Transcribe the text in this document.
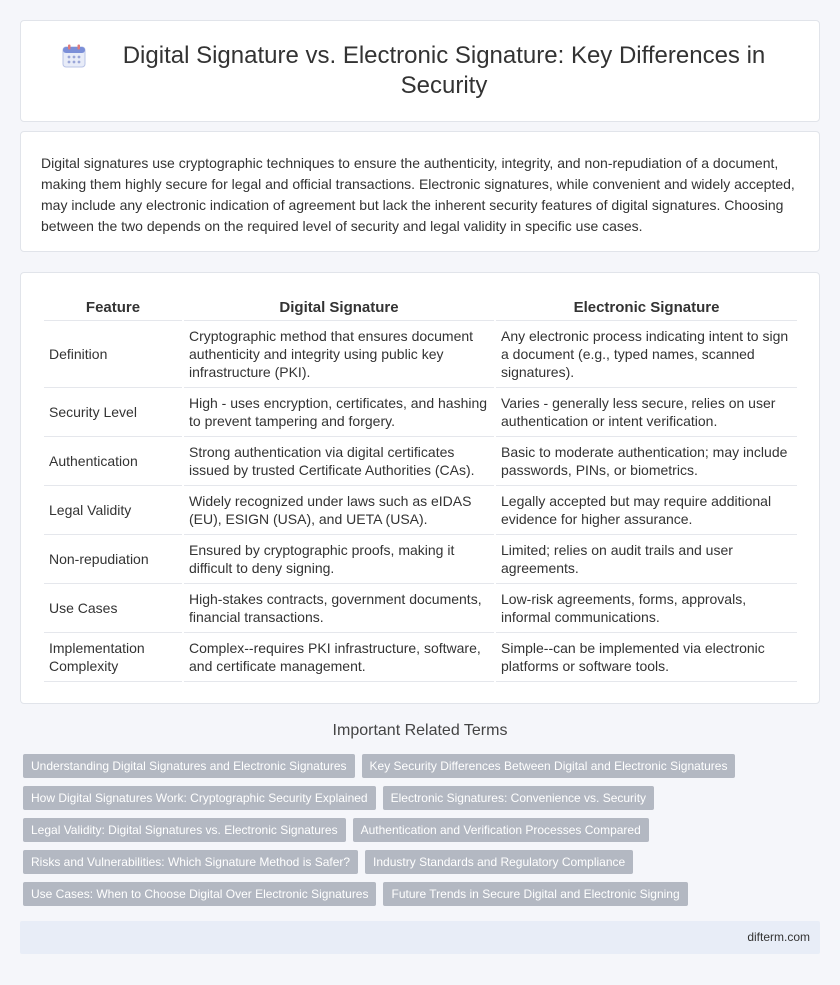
Digital Signature vs. Electronic Signature: Key Differences in Security

Digital signatures use cryptographic techniques to ensure the authenticity, integrity, and non-repudiation of a document, making them highly secure for legal and official transactions. Electronic signatures, while convenient and widely accepted, may include any electronic indication of agreement but lack the inherent security features of digital signatures. Choosing between the two depends on the required level of security and legal validity in specific use cases.

Feature	Digital Signature	Electronic Signature
Definition	Cryptographic method that ensures document authenticity and integrity using public key infrastructure (PKI).	Any electronic process indicating intent to sign a document (e.g., typed names, scanned signatures).
Security Level	High - uses encryption, certificates, and hashing to prevent tampering and forgery.	Varies - generally less secure, relies on user authentication or intent verification.
Authentication	Strong authentication via digital certificates issued by trusted Certificate Authorities (CAs).	Basic to moderate authentication; may include passwords, PINs, or biometrics.
Legal Validity	Widely recognized under laws such as eIDAS (EU), ESIGN (USA), and UETA (USA).	Legally accepted but may require additional evidence for higher assurance.
Non-repudiation	Ensured by cryptographic proofs, making it difficult to deny signing.	Limited; relies on audit trails and user agreements.
Use Cases	High-stakes contracts, government documents, financial transactions.	Low-risk agreements, forms, approvals, informal communications.
Implementation Complexity	Complex--requires PKI infrastructure, software, and certificate management.	Simple--can be implemented via electronic platforms or software tools.
Important Related Terms
Understanding Digital Signatures and Electronic Signatures	Key Security Differences Between Digital and Electronic Signatures
How Digital Signatures Work: Cryptographic Security Explained	Electronic Signatures: Convenience vs. Security
Legal Validity: Digital Signatures vs. Electronic Signatures	Authentication and Verification Processes Compared
Risks and Vulnerabilities: Which Signature Method is Safer?	Industry Standards and Regulatory Compliance
Use Cases: When to Choose Digital Over Electronic Signatures	Future Trends in Secure Digital and Electronic Signing
difterm.com
